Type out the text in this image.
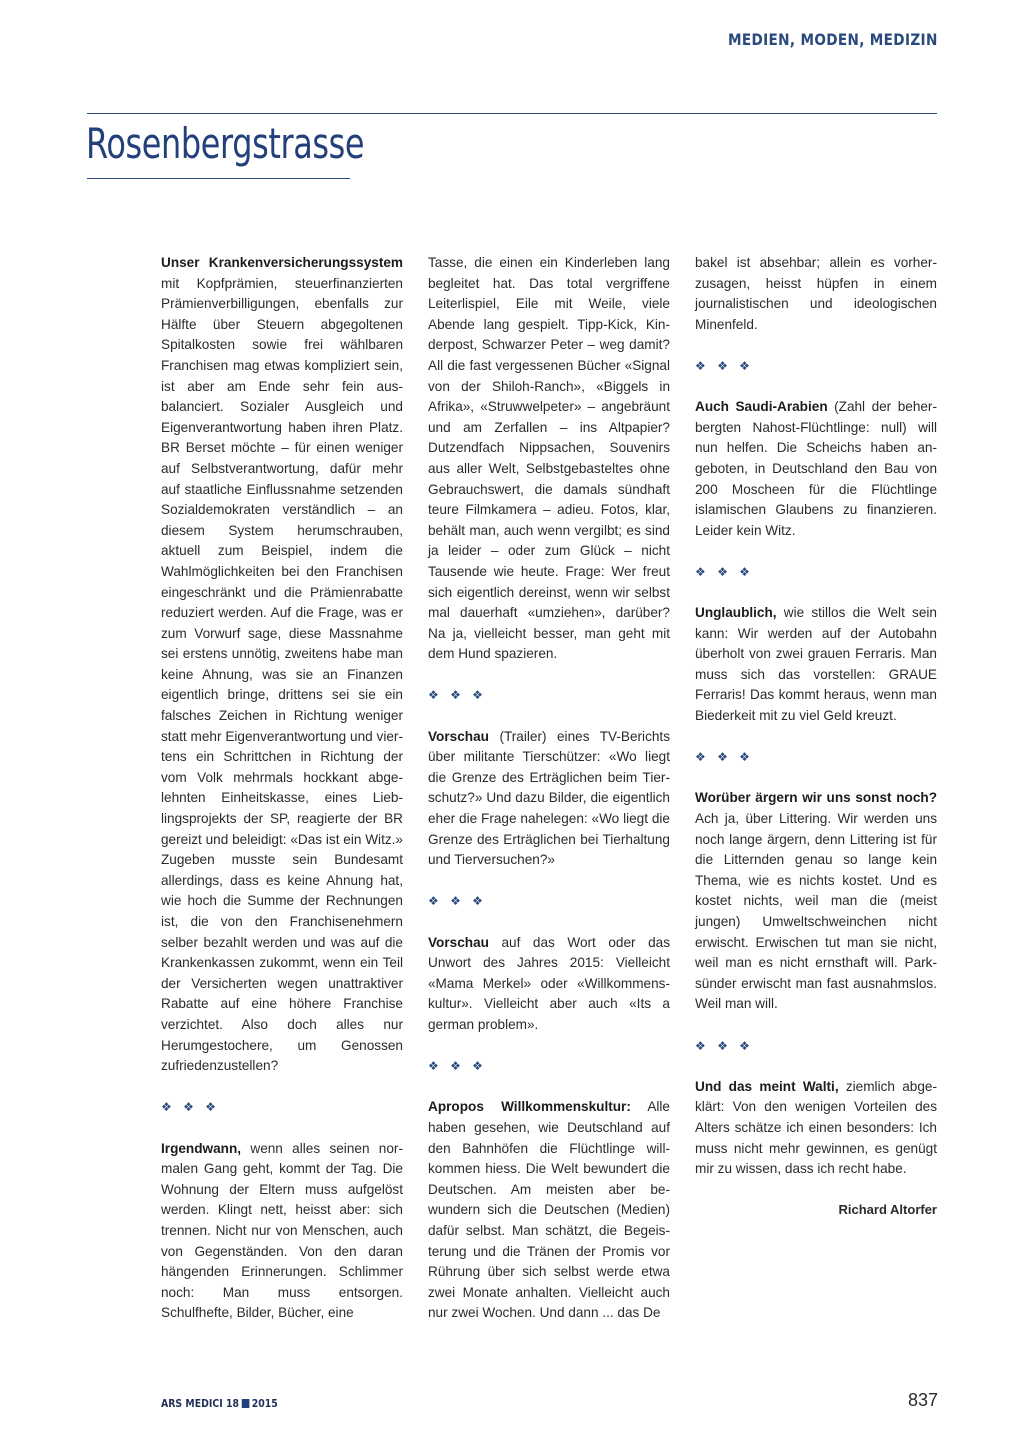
MEDIEN, MODEN, MEDIZIN

Rosenbergstrasse

Unser Krankenversicherungssystem mit Kopfprämien, steuerfinanzierten Prämienverbilligungen, ebenfalls zur Hälfte über Steuern abgegoltenen Spitalkosten sowie frei wählbaren Franchisen mag etwas kompliziert sein, ist aber am Ende sehr fein ausbalanciert. Sozialer Ausgleich und Eigenverantwortung haben ihren Platz. BR Berset möchte – für einen weniger auf Selbstverantwortung, dafür mehr auf staatliche Einflussnahme setzenden Sozialdemokraten verständlich – an diesem System herumschrauben, aktuell zum Beispiel, indem die Wahlmöglichkeiten bei den Franchisen eingeschränkt und die Prämienrabatte reduziert werden. Auf die Frage, was er zum Vorwurf sage, diese Massnahme sei erstens unnötig, zweitens habe man keine Ahnung, was sie an Finanzen eigentlich bringe, drittens sei sie ein falsches Zeichen in Richtung weniger statt mehr Eigenverantwortung und viertens ein Schrittchen in Richtung der vom Volk mehrmals hockkant abgelehnten Einheitskasse, eines Lieblingsprojekts der SP, reagierte der BR gereizt und beleidigt: «Das ist ein Witz.» Zugeben musste sein Bundesamt allerdings, dass es keine Ahnung hat, wie hoch die Summe der Rechnungen ist, die von den Franchisenehmern selber bezahlt werden und was auf die Krankenkassen zukommt, wenn ein Teil der Versicherten wegen unattraktiver Rabatte auf eine höhere Franchise verzichtet. Also doch alles nur Herumgestochere, um Genossen zufriedenzustellen?

❖ ❖ ❖

Irgendwann, wenn alles seinen normalen Gang geht, kommt der Tag. Die Wohnung der Eltern muss aufgelöst werden. Klingt nett, heisst aber: sich trennen. Nicht nur von Menschen, auch von Gegenständen. Von den daran hängenden Erinnerungen. Schlimmer noch: Man muss entsorgen. Schulfhefte, Bilder, Bücher, eine

Tasse, die einen ein Kinderleben lang begleitet hat. Das total vergriffene Leiterlispiel, Eile mit Weile, viele Abende lang gespielt. Tipp-Kick, Kinderpost, Schwarzer Peter – weg damit? All die fast vergessenen Bücher «Signal von der Shiloh-Ranch», «Biggels in Afrika», «Struwwelpeter» – angebräunt und am Zerfallen – ins Altpapier? Dutzendfach Nippsachen, Souvenirs aus aller Welt, Selbstgebasteltes ohne Gebrauchswert, die damals sündhaft teure Filmkamera – adieu. Fotos, klar, behält man, auch wenn vergilbt; es sind ja leider – oder zum Glück – nicht Tausende wie heute. Frage: Wer freut sich eigentlich dereinst, wenn wir selbst mal dauerhaft «umziehen», darüber? Na ja, vielleicht besser, man geht mit dem Hund spazieren.

❖ ❖ ❖

Vorschau (Trailer) eines TV-Berichts über militante Tierschützer: «Wo liegt die Grenze des Erträglichen beim Tierschutz?» Und dazu Bilder, die eigentlich eher die Frage nahelegen: «Wo liegt die Grenze des Erträglichen bei Tierhaltung und Tierversuchen?»

❖ ❖ ❖

Vorschau auf das Wort oder das Unwort des Jahres 2015: Vielleicht «Mama Merkel» oder «Willkommenskultur». Vielleicht aber auch «Its a german problem».

❖ ❖ ❖

Apropos Willkommenskultur: Alle haben gesehen, wie Deutschland auf den Bahnhöfen die Flüchtlinge willkommen hiess. Die Welt bewundert die Deutschen. Am meisten aber bewundern sich die Deutschen (Medien) dafür selbst. Man schätzt, die Begeisterung und die Tränen der Promis vor Rührung über sich selbst werde etwa zwei Monate anhalten. Vielleicht auch nur zwei Wochen. Und dann ... das De

bakel ist absehbar; allein es vorherzusagen, heisst hüpfen in einem journalistischen und ideologischen Minenfeld.

❖ ❖ ❖

Auch Saudi-Arabien (Zahl der beherbergten Nahost-Flüchtlinge: null) will nun helfen. Die Scheichs haben angeboten, in Deutschland den Bau von 200 Moscheen für die Flüchtlinge islamischen Glaubens zu finanzieren. Leider kein Witz.

❖ ❖ ❖

Unglaublich, wie stillos die Welt sein kann: Wir werden auf der Autobahn überholt von zwei grauen Ferraris. Man muss sich das vorstellen: GRAUE Ferraris! Das kommt heraus, wenn man Biederkeit mit zu viel Geld kreuzt.

❖ ❖ ❖

Worüber ärgern wir uns sonst noch? Ach ja, über Littering. Wir werden uns noch lange ärgern, denn Littering ist für die Litternden genau so lange kein Thema, wie es nichts kostet. Und es kostet nichts, weil man die (meist jungen) Umweltschweinchen nicht erwischt. Erwischen tut man sie nicht, weil man es nicht ernsthaft will. Parksünder erwischt man fast ausnahmslos. Weil man will.

❖ ❖ ❖

Und das meint Walti, ziemlich abgeklärt: Von den wenigen Vorteilen des Alters schätze ich einen besonders: Ich muss nicht mehr gewinnen, es genügt mir zu wissen, dass ich recht habe.

Richard Altorfer

ARS MEDICI 18 2015	837
